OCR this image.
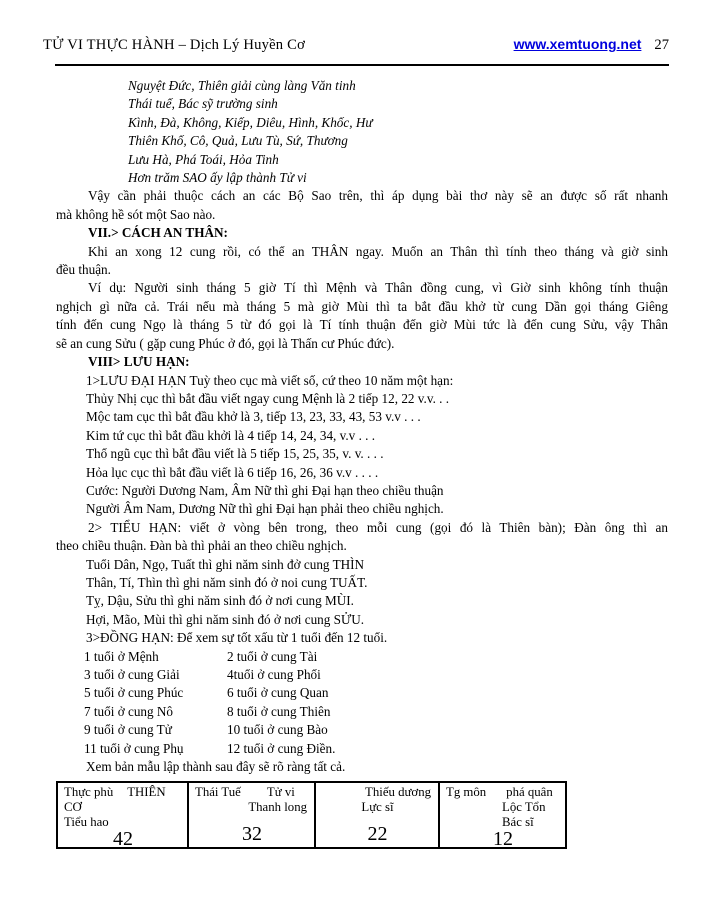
TỬ VI THỰC HÀNH – Dịch Lý Huyền Cơ	www.xemtuong.net 27
Nguyệt Đức, Thiên giải cùng làng Văn tinh
Thái tuế, Bác sỹ trường sinh
Kình, Đà, Không, Kiếp, Diêu, Hình, Khốc, Hư
Thiên Khố, Cô, Quả, Lưu Tù, Sứ, Thương
Lưu Hà, Phá Toái, Hỏa Tinh
Hơn trăm SAO ấy lập thành Tử vi
Vậy cần phải thuộc cách an các Bộ Sao trên, thì áp dụng bài thơ này sẽ an được số rất nhanh
mà không hề sót một Sao nào.
VII.> CÁCH AN THÂN:
Khi an xong 12 cung rồi, có thể an THÂN ngay. Muốn an Thân thì tính theo tháng và giờ sinh
đều thuận.
Ví dụ: Người sinh tháng 5 giờ Tí thì Mệnh và Thân đồng cung, vì Giờ sinh không tính thuận
nghịch gì nữa cả. Trái nếu mà tháng 5 mà giờ Mùi thì ta bắt đầu khở từ cung Dần gọi tháng Giêng
tính đến cung Ngọ là tháng 5 từ đó gọi là Tí tính thuận đến giờ Mùi tức là đến cung Sửu, vậy Thân
sẽ an cung Sửu ( gặp cung Phúc ở đó, gọi là Thấn cư Phúc đức).
VIII> LƯU HẠN:
1>LƯU ĐẠI HẠN Tuỳ theo cục mà viết số, cứ theo 10 năm một hạn:
Thủy Nhị cục thì bắt đầu viết ngay cung Mệnh là 2 tiếp 12, 22 v.v. . .
Mộc tam cục thì bắt đầu khở là 3, tiếp 13, 23, 33, 43, 53 v.v . . .
Kim tứ cục thì bắt đầu khởi là 4 tiếp 14, 24, 34, v.v . . .
Thổ ngũ cục thì bắt đầu viết là 5 tiếp 15, 25, 35, v. v. . . .
Hỏa lục cục thì bắt đầu viết là 6 tiếp 16, 26, 36 v.v . . . .
Cước: Người Dương Nam, Âm Nữ thì ghi Đại hạn theo chiều thuận
Người Âm Nam, Dương Nữ thì ghi Đại hạn phải theo chiều nghịch.
2> TIỂU HẠN: viết ở vòng bên trong, theo mỗi cung (gọi đó là Thiên bàn); Đàn ông thì an
theo chiều thuận. Đàn bà thì phải an theo chiều nghịch.
Tuổi Dân, Ngọ, Tuất thì ghi năm sinh đở cung THÌN
Thân, Tí, Thìn thì ghi năm sinh đó ở noi cung TUẤT.
Tỵ, Dậu, Sửu thì ghi năm sinh đó ở nơi cung MÙI.
Hợi, Mão, Mùi thì ghi năm sinh đó ở nơi cung SỬU.
3>ĐỒNG HẠN: Để xem sự tốt xấu từ 1 tuổi đến 12 tuổi.
1 tuổi ở Mệnh	2 tuổi ở cung Tài
3 tuổi ở cung Giải	4tuổi ở cung Phối
5 tuổi ở cung Phúc	6 tuổi ở cung Quan
7 tuổi ở cung Nô	8 tuổi ở cung Thiên
9 tuổi ở cung Tử	10 tuổi ở cung Bào
11 tuổi ở cung Phụ	12 tuổi ở cung Điền.
Xem bản mẫu lập thành sau đây sẽ rõ ràng tất cả.
Thực phù THIÊN CƠ
Tiểu hao
42
Thái Tuế Tử vi
Thanh long
32
Thiếu dương
Lực sĩ
22
Tg môn phá quân
Lộc Tổn
Bác sĩ
12
